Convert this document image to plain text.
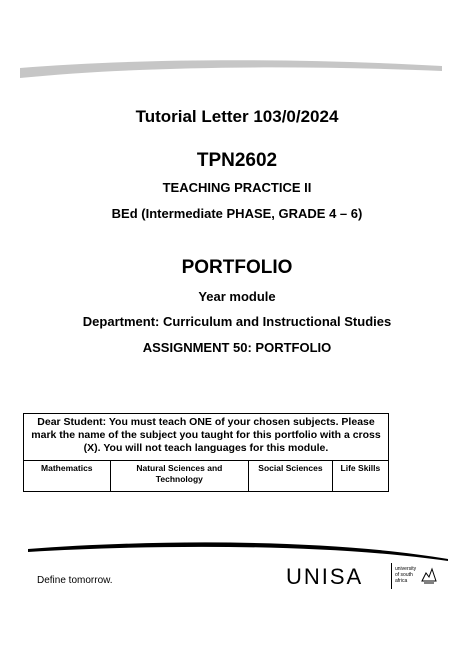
Tutorial Letter 103/0/2024
TPN2602
TEACHING PRACTICE II
BEd (Intermediate PHASE, GRADE 4 – 6)
PORTFOLIO
Year module
Department: Curriculum and Instructional Studies
ASSIGNMENT 50: PORTFOLIO
Dear Student: You must teach ONE of your chosen subjects. Please mark the name of the subject you taught for this portfolio with a cross (X). You will not teach languages for this module.
Mathematics	Natural Sciences and Technology	Social Sciences	Life Skills
Define tomorrow.	UNISA	university of south africa
